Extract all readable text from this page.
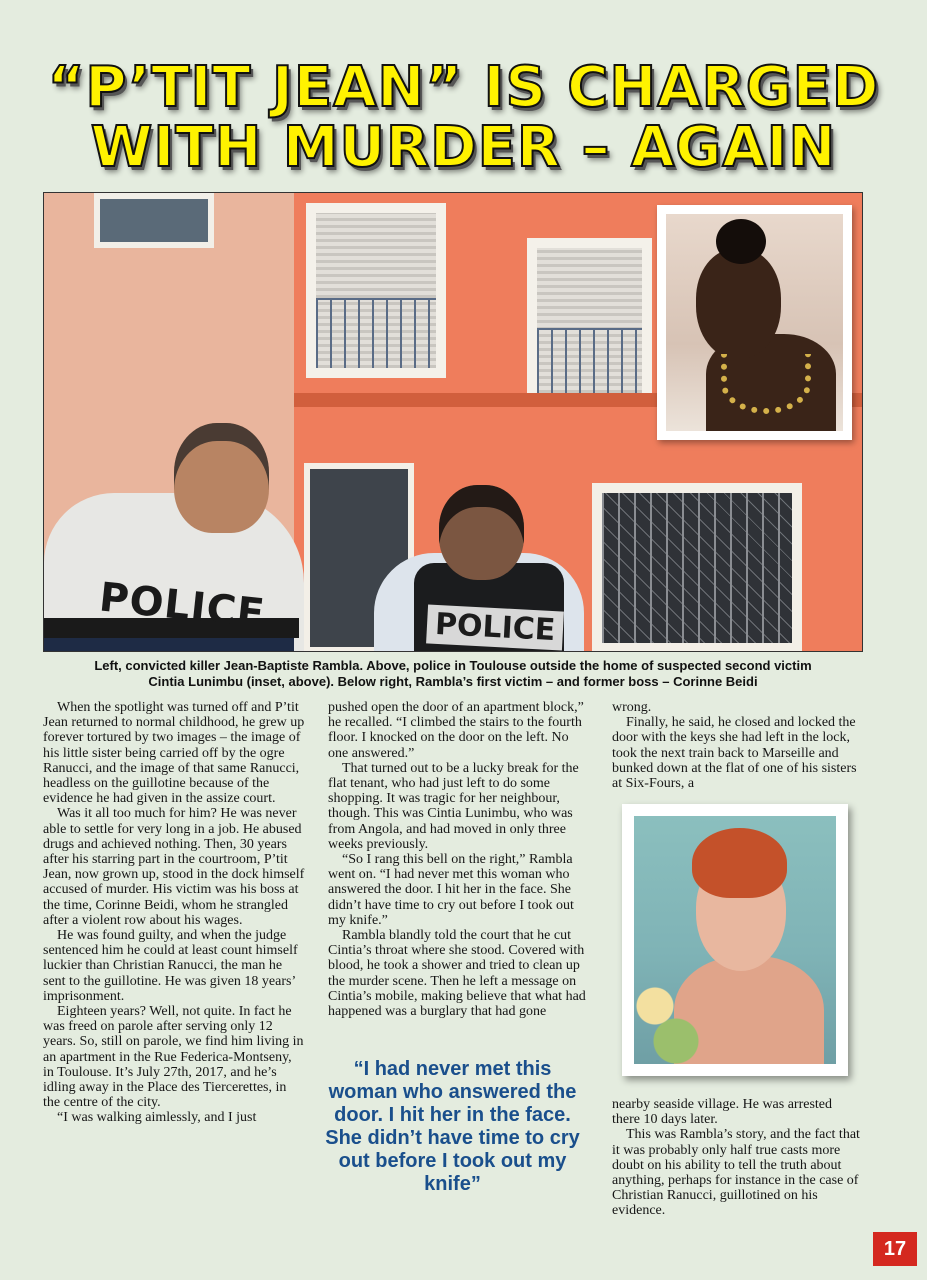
“P’TIT JEAN” IS CHARGED
WITH MURDER – AGAIN
POLICE	POLICE
Left, convicted killer Jean-Baptiste Rambla. Above, police in Toulouse outside the home of suspected second victim
Cintia Lunimbu (inset, above). Below right, Rambla’s first victim – and former boss – Corinne Beidi

When the spotlight was turned off and P’tit Jean returned to normal childhood, he grew up forever tortured by two images – the image of his little sister being carried off by the ogre Ranucci, and the image of that same Ranucci, headless on the guillotine because of the evidence he had given in the assize court.

Was it all too much for him? He was never able to settle for very long in a job. He abused drugs and achieved nothing. Then, 30 years after his starring part in the courtroom, P’tit Jean, now grown up, stood in the dock himself accused of murder. His victim was his boss at the time, Corinne Beidi, whom he strangled after a violent row about his wages.

He was found guilty, and when the judge sentenced him he could at least count himself luckier than Christian Ranucci, the man he sent to the guillotine. He was given 18 years’ imprisonment.

Eighteen years? Well, not quite. In fact he was freed on parole after serving only 12 years. So, still on parole, we find him living in an apartment in the Rue Federica-Montseny, in Toulouse. It’s July 27th, 2017, and he’s idling away in the Place des Tiercerettes, in the centre of the city.

“I was walking aimlessly, and I just

pushed open the door of an apartment block,” he recalled. “I climbed the stairs to the fourth floor. I knocked on the door on the left. No one answered.”

That turned out to be a lucky break for the flat tenant, who had just left to do some shopping. It was tragic for her neighbour, though. This was Cintia Lunimbu, who was from Angola, and had moved in only three weeks previously.

“So I rang this bell on the right,” Rambla went on. “I had never met this woman who answered the door. I hit her in the face. She didn’t have time to cry out before I took out my knife.”

Rambla blandly told the court that he cut Cintia’s throat where she stood. Covered with blood, he took a shower and tried to clean up the murder scene. Then he left a message on Cintia’s mobile, making believe that what had happened was a burglary that had gone

“I had never met this woman who answered the door. I hit her in the face. She didn’t have time to cry out before I took out my knife”

wrong.

Finally, he said, he closed and locked the door with the keys she had left in the lock, took the next train back to Marseille and bunked down at the flat of one of his sisters at Six-Fours, a

nearby seaside village. He was arrested there 10 days later.

This was Rambla’s story, and the fact that it was probably only half true casts more doubt on his ability to tell the truth about anything, perhaps for instance in the case of Christian Ranucci, guillotined on his evidence.

17
